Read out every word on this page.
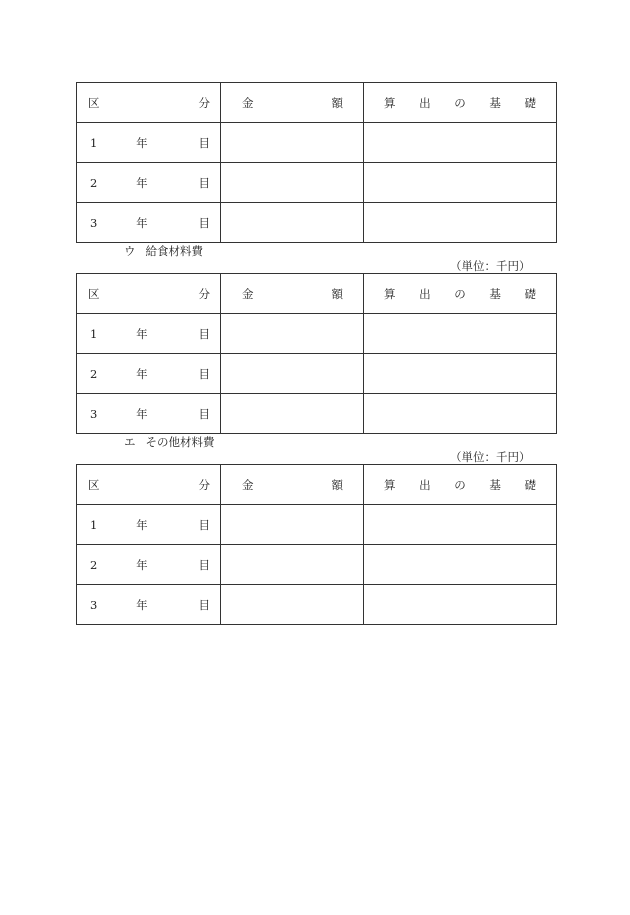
区 分	金 額	算 出 の 基 礎

1 年 目		

2 年 目		

3 年 目		

ウ 給食材料費
（単位：千円）
区 分	金 額	算 出 の 基 礎

1 年 目		

2 年 目		

3 年 目		

エ その他材料費
（単位：千円）
区 分	金 額	算 出 の 基 礎

1 年 目		

2 年 目		

3 年 目		
